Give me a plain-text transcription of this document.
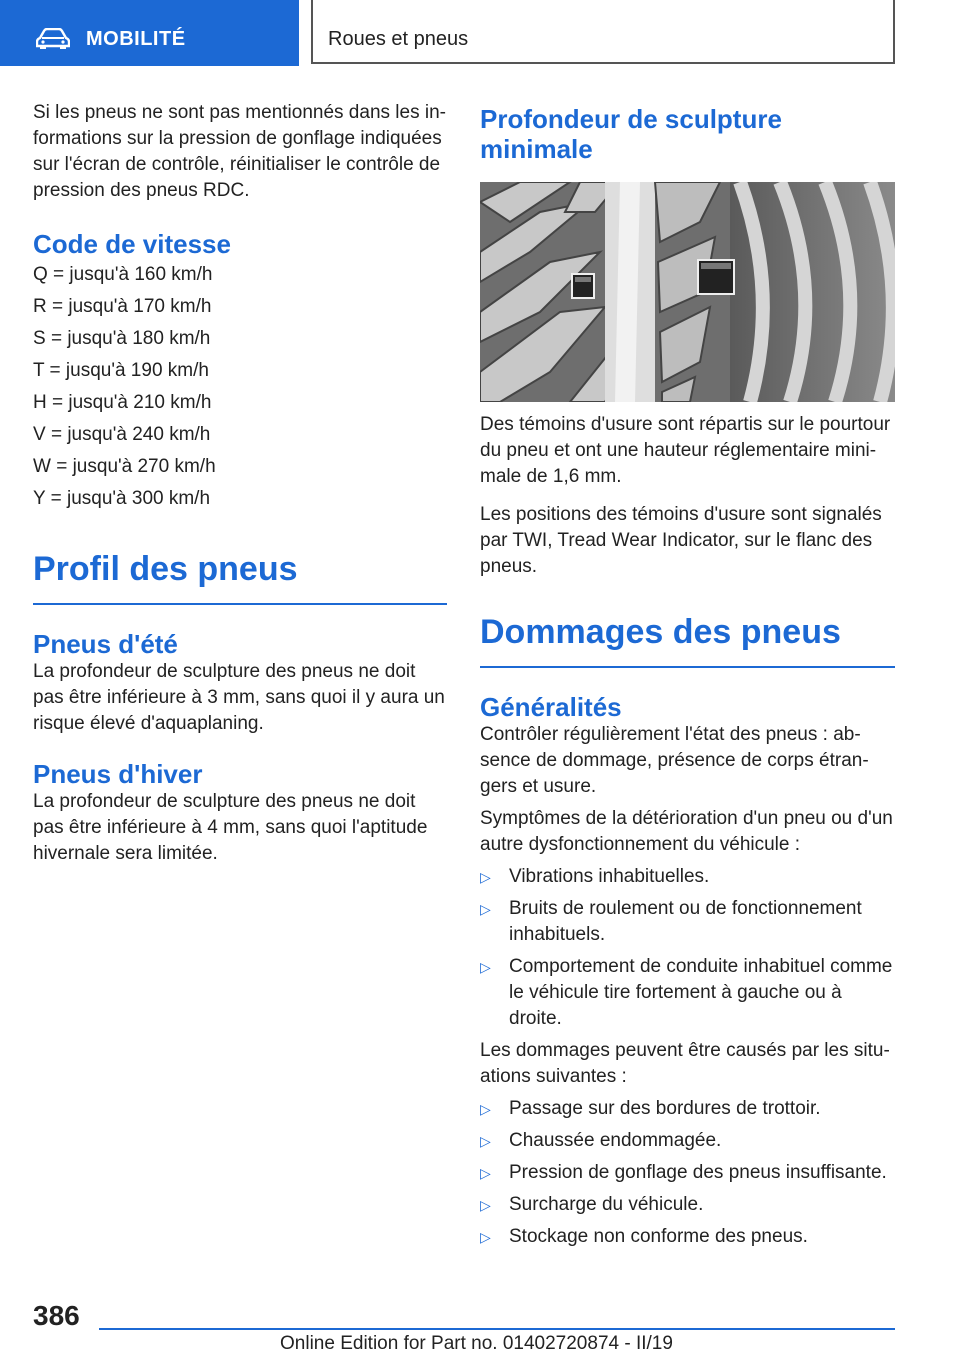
MOBILITÉ	Roues et pneus

Si les pneus ne sont pas mentionnés dans les informations sur la pression de gonflage indiquées sur l'écran de contrôle, réinitialiser le contrôle de pression des pneus RDC.

Code de vitesse
Q = jusqu'à 160 km/h
R = jusqu'à 170 km/h
S = jusqu'à 180 km/h
T = jusqu'à 190 km/h
H = jusqu'à 210 km/h
V = jusqu'à 240 km/h
W = jusqu'à 270 km/h
Y = jusqu'à 300 km/h
Profil des pneus
Pneus d'été

La profondeur de sculpture des pneus ne doit pas être inférieure à 3 mm, sans quoi il y aura un risque élevé d'aquaplaning.

Pneus d'hiver

La profondeur de sculpture des pneus ne doit pas être inférieure à 4 mm, sans quoi l'aptitude hivernale sera limitée.

Profondeur de sculpture minimale

Des témoins d'usure sont répartis sur le pourtour du pneu et ont une hauteur réglementaire minimale de 1,6 mm.

Les positions des témoins d'usure sont signalés par TWI, Tread Wear Indicator, sur le flanc des pneus.

Dommages des pneus
Généralités

Contrôler régulièrement l'état des pneus : absence de dommage, présence de corps étrangers et usure.

Symptômes de la détérioration d'un pneu ou d'un autre dysfonctionnement du véhicule :

▷ Vibrations inhabituelles.
▷ Bruits de roulement ou de fonctionnement inhabituels.
▷ Comportement de conduite inhabituel comme le véhicule tire fortement à gauche ou à droite.

Les dommages peuvent être causés par les situations suivantes :

▷ Passage sur des bordures de trottoir.
▷ Chaussée endommagée.
▷ Pression de gonflage des pneus insuffisante.
▷ Surcharge du véhicule.
▷ Stockage non conforme des pneus.
386
Online Edition for Part no. 01402720874 - II/19
